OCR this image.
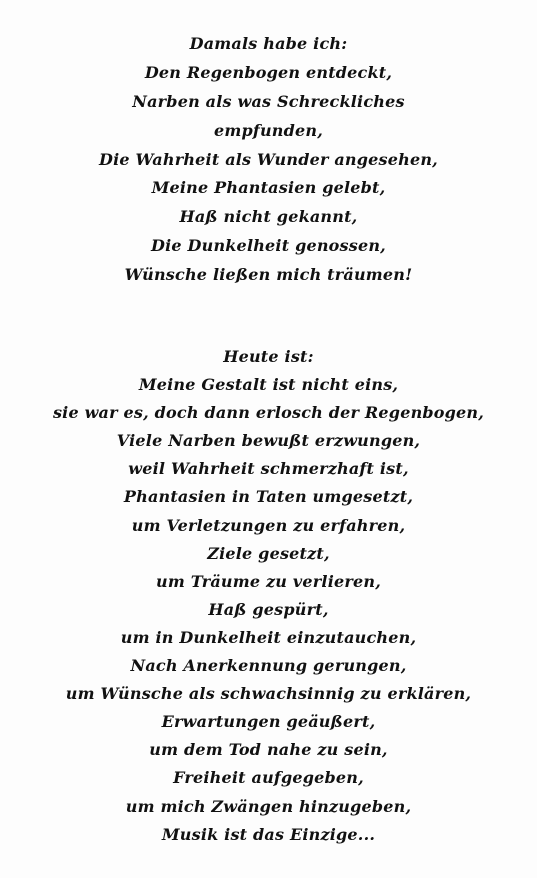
Damals habe ich:
Den Regenbogen entdeckt,
Narben als was Schreckliches
empfunden,
Die Wahrheit als Wunder angesehen,
Meine Phantasien gelebt,
Haß nicht gekannt,
Die Dunkelheit genossen,
Wünsche ließen mich träumen!
Heute ist:
Meine Gestalt ist nicht eins,
sie war es, doch dann erlosch der Regenbogen,
Viele Narben bewußt erzwungen,
weil Wahrheit schmerzhaft ist,
Phantasien in Taten umgesetzt,
um Verletzungen zu erfahren,
Ziele gesetzt,
um Träume zu verlieren,
Haß gespürt,
um in Dunkelheit einzutauchen,
Nach Anerkennung gerungen,
um Wünsche als schwachsinnig zu erklären,
Erwartungen geäußert,
um dem Tod nahe zu sein,
Freiheit aufgegeben,
um mich Zwängen hinzugeben,
Musik ist das Einzige...
